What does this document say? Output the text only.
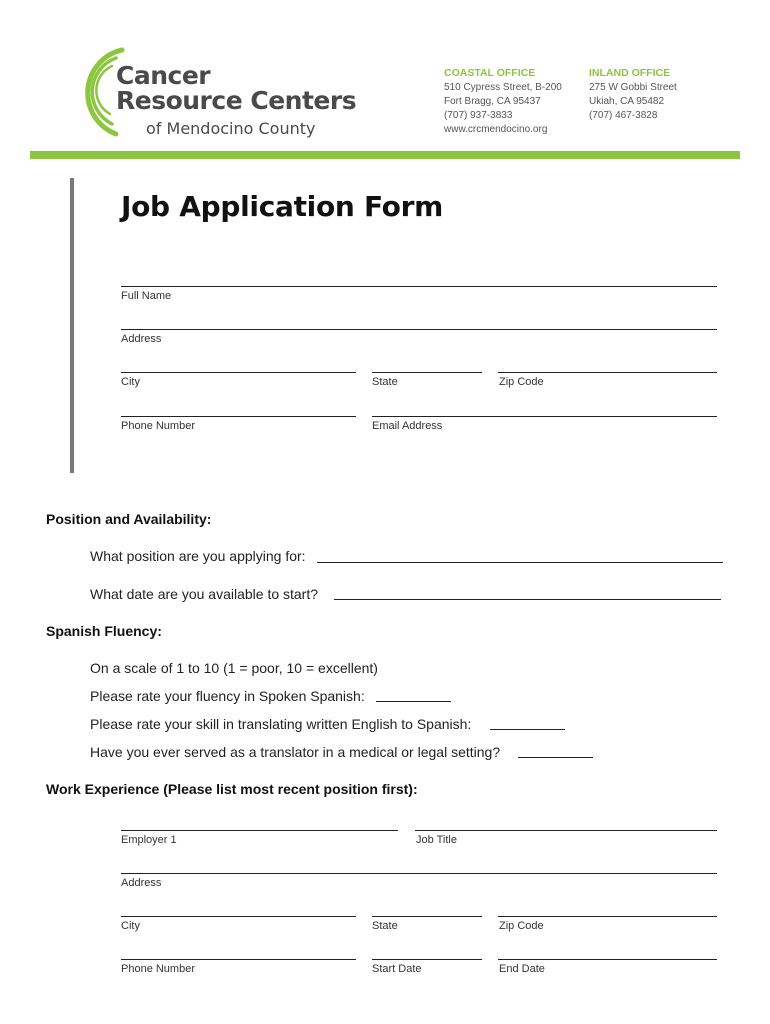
Cancer
Resource Centers
of Mendocino County
COASTAL OFFICE
510 Cypress Street, B-200
Fort Bragg, CA 95437
(707) 937-3833
www.crcmendocino.org
INLAND OFFICE
275 W Gobbi Street
Ukiah, CA 95482
(707) 467-3828
Job Application Form
Full Name
Address
City	State	Zip Code
Phone Number	Email Address
Position and Availability:
What position are you applying for:
What date are you available to start?
Spanish Fluency:
On a scale of 1 to 10 (1 = poor, 10 = excellent)
Please rate your fluency in Spoken Spanish:
Please rate your skill in translating written English to Spanish:
Have you ever served as a translator in a medical or legal setting?
Work Experience (Please list most recent position first):
Employer 1	Job Title
Address
City	State	Zip Code
Phone Number	Start Date	End Date
